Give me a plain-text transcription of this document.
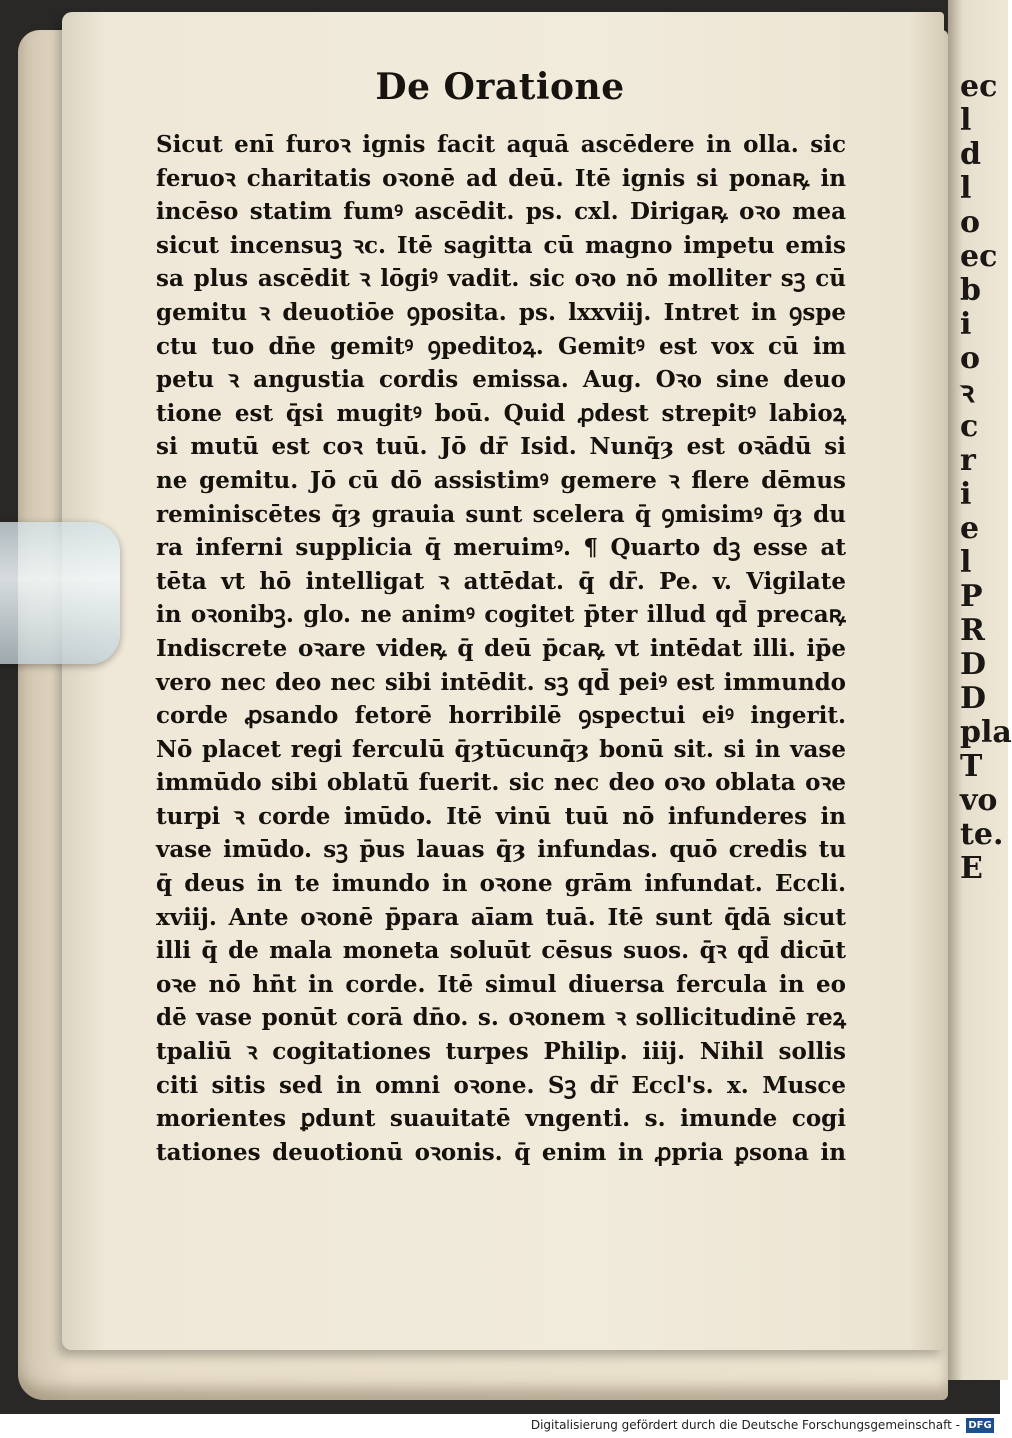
ec
l
d
l
o
ec
b
i
o
ꝛ
c
r
i
e
l
P
R
D
D
pla
T
vo
te.
E
De Oratione
Sicut enī furoꝛ ignis facit aquā ascēdere in olla. sic
feruoꝛ charitatis oꝛonē ad deū. Itē ignis si ponaꝶ in
incēso statim fumꝰ ascēdit. ps. cxl. Dirigaꝶ oꝛo mea
sicut incensuꝫ ꝛc. Itē sagitta cū magno impetu emis
sa plus ascēdit ꝛ lōgiꝰ vadit. sic oꝛo nō molliter sꝫ cū
gemitu ꝛ deuotiōe ꝯposita. ps. lxxviij. Intret in ꝯspe
ctu tuo dn̄e gemitꝰ ꝯpeditoꝝ. Gemitꝰ est vox cū im
petu ꝛ angustia cordis emissa. Aug. Oꝛo sine deuo
tione est q̄si mugitꝰ boū. Quid ꝓdest strepitꝰ labioꝝ
si mutū est coꝛ tuū. Jō dr̄ Isid. Nunq̄ȝ est oꝛādū si
ne gemitu. Jō cū dō assistimꝰ gemere ꝛ flere dēmus
reminiscētes q̄ȝ grauia sunt scelera q̄ ꝯmisimꝰ q̄ȝ du
ra inferni supplicia q̄ meruimꝰ. ¶ Quarto dꝫ esse at
tēta vt hō intelligat ꝛ attēdat. q̄ dr̄. Pe. v. Vigilate
in oꝛonibꝫ. glo. ne animꝰ cogitet p̄ter illud qd̄ precaꝶ
Indiscrete oꝛare videꝶ q̄ deū p̄caꝶ vt intēdat illi. ip̄e
vero nec deo nec sibi intēdit. sꝫ qd̄ peiꝰ est immundo
corde ꝓsando fetorē horribilē ꝯspectui eiꝰ ingerit.
Nō placet regi ferculū q̄ȝtūcunq̄ȝ bonū sit. si in vase
immūdo sibi oblatū fuerit. sic nec deo oꝛo oblata oꝛe
turpi ꝛ corde imūdo. Itē vinū tuū nō infunderes in
vase imūdo. sꝫ p̄us lauas q̄ȝ infundas. quō credis tu
q̄ deus in te imundo in oꝛone grām infundat. Eccli.
xviij. Ante oꝛonē p̄para aīam tuā. Itē sunt q̄dā sicut
illi q̄ de mala moneta soluūt cēsus suos. q̄ꝛ qd̄ dicūt
oꝛe nō hn̄t in corde. Itē simul diuersa fercula in eo
dē vase ponūt corā dn̄o. s. oꝛonem ꝛ sollicitudinē reꝝ
tpaliū ꝛ cogitationes turpes Philip. iiij. Nihil sollis
citi sitis sed in omni oꝛone. Sꝫ dr̄ Eccl's. x. Musce
morientes ꝑdunt suauitatē vngenti. s. imunde cogi
tationes deuotionū oꝛonis. q̄ enim in ꝓpria ꝑsona in
Digitalisierung gefördert durch die Deutsche Forschungsgemeinschaft - DFG
